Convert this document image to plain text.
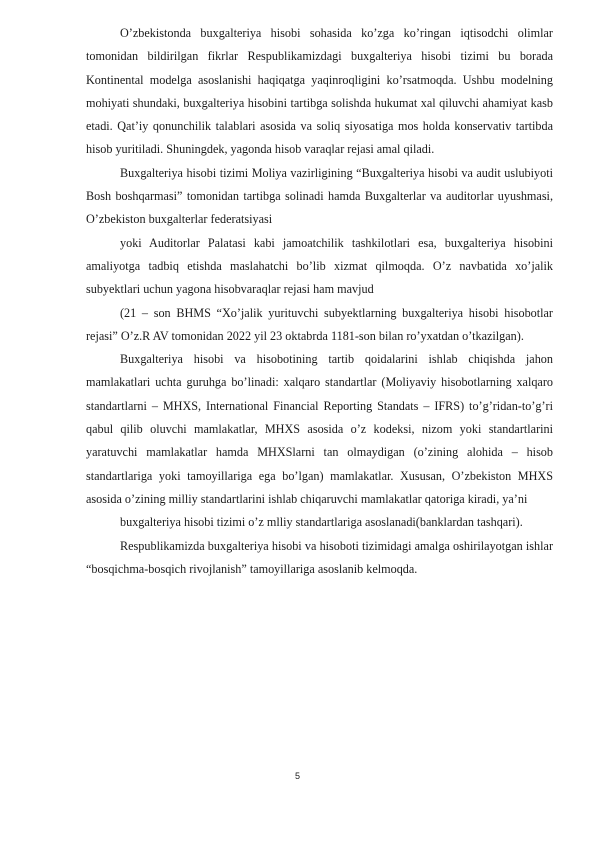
O’zbekistonda buxgalteriya hisobi sohasida ko’zga ko’ringan iqtisodchi olimlar tomonidan bildirilgan fikrlar Respublikamizdagi buxgalteriya hisobi tizimi bu borada Kontinental modelga asoslanishi haqiqatga yaqinroqligini ko’rsatmoqda. Ushbu modelning mohiyati shundaki, buxgalteriya hisobini tartibga solishda hukumat xal qiluvchi ahamiyat kasb etadi. Qat’iy qonunchilik talablari asosida va soliq siyosatiga mos holda konservativ tartibda hisob yuritiladi. Shuningdek, yagonda hisob varaqlar rejasi amal qiladi.

Buxgalteriya hisobi tizimi Moliya vazirligining “Buxgalteriya hisobi va audit uslubiyoti Bosh boshqarmasi” tomonidan tartibga solinadi hamda Buxgalterlar va auditorlar uyushmasi, O’zbekiston buxgalterlar federatsiyasi

yoki Auditorlar Palatasi kabi jamoatchilik tashkilotlari esa, buxgalteriya hisobini amaliyotga tadbiq etishda maslahatchi bo’lib xizmat qilmoqda. O’z navbatida xo’jalik subyektlari uchun yagona hisobvaraqlar rejasi ham mavjud

(21 – son BHMS “Xo’jalik yurituvchi subyektlarning buxgalteriya hisobi hisobotlar rejasi” O’z.R AV tomonidan 2022 yil 23 oktabrda 1181-son bilan ro’yxatdan o’tkazilgan).

Buxgalteriya hisobi va hisobotining tartib qoidalarini ishlab chiqishda jahon mamlakatlari uchta guruhga bo’linadi: xalqaro standartlar (Moliyaviy hisobotlarning xalqaro standartlarni – MHXS, International Financial Reporting Standats – IFRS) to’g’ridan-to’g’ri qabul qilib oluvchi mamlakatlar, MHXS asosida o’z kodeksi, nizom yoki standartlarini yaratuvchi mamlakatlar hamda MHXSlarni tan olmaydigan (o’zining alohida – hisob standartlariga yoki tamoyillariga ega bo’lgan) mamlakatlar. Xususan, O’zbekiston MHXS asosida o’zining milliy standartlarini ishlab chiqaruvchi mamlakatlar qatoriga kiradi, ya’ni

buxgalteriya hisobi tizimi o’z mlliy standartlariga asoslanadi(banklardan tashqari).

Respublikamizda buxgalteriya hisobi va hisoboti tizimidagi amalga oshirilayotgan ishlar “bosqichma-bosqich rivojlanish” tamoyillariga asoslanib kelmoqda.

5
